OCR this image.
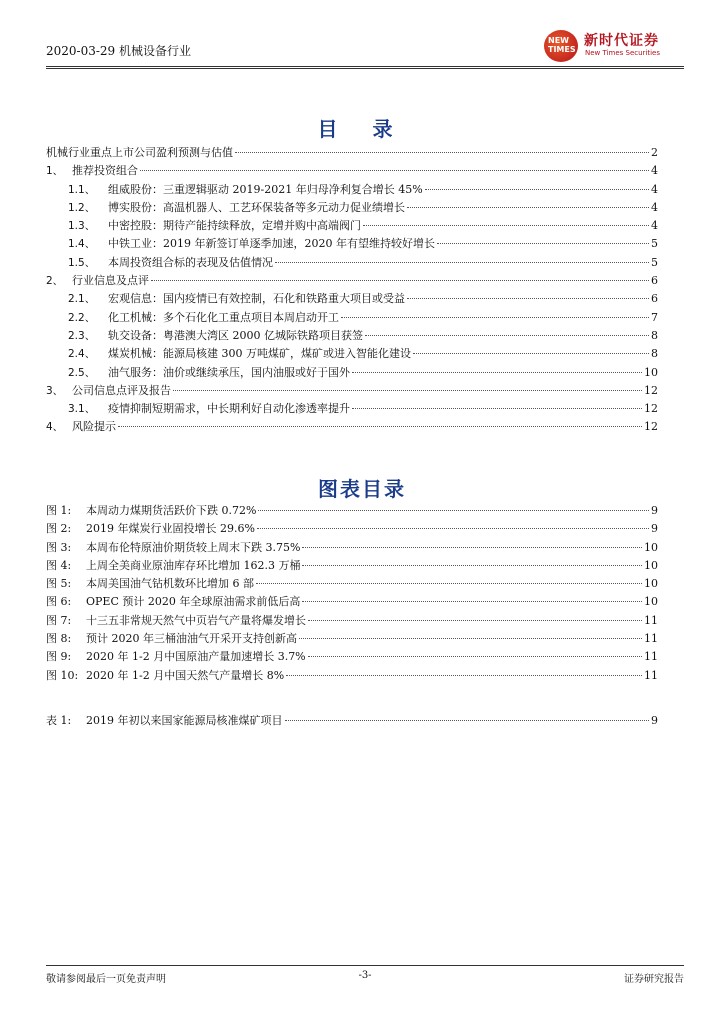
2020-03-29 机械设备行业
NEW
TIMES
新时代证券
New Times Securities
目 录
机械行业重点上市公司盈利预测与估值	2
1、 推荐投资组合	4
1.1、	组威股份：三重逻辑驱动 2019-2021 年归母净利复合增长 45%	4
1.2、	博实股份：高温机器人、工艺环保装备等多元动力促业绩增长	4
1.3、	中密控股：期待产能持续释放，定增并购中高端阀门	4
1.4、	中铁工业：2019 年新签订单逐季加速，2020 年有望维持较好增长	5
1.5、	本周投资组合标的表现及估值情况	5
2、 行业信息及点评	6
2.1、	宏观信息：国内疫情已有效控制，石化和铁路重大项目或受益	6
2.2、	化工机械：多个石化化工重点项目本周启动开工	7
2.3、	轨交设备：粤港澳大湾区 2000 亿城际铁路项目获签	8
2.4、	煤炭机械：能源局核建 300 万吨煤矿，煤矿或进入智能化建设	8
2.5、	油气服务：油价或继续承压，国内油服或好于国外	10
3、 公司信息点评及报告	12
3.1、	疫情抑制短期需求，中长期利好自动化渗透率提升	12
4、 风险提示	12
图表目录
图 1:	本周动力煤期货活跃价下跌 0.72%	9
图 2:	2019 年煤炭行业固投增长 29.6%	9
图 3:	本周布伦特原油价期货较上周末下跌 3.75%	10
图 4:	上周全美商业原油库存环比增加 162.3 万桶	10
图 5:	本周美国油气钻机数环比增加 6 部	10
图 6:	OPEC 预计 2020 年全球原油需求前低后高	10
图 7:	十三五非常规天然气中页岩气产量将爆发增长	11
图 8:	预计 2020 年三桶油油气开采开支持创新高	11
图 9:	2020 年 1-2 月中国原油产量加速增长 3.7%	11
图 10: 2020 年 1-2 月中国天然气产量增长 8%	11
表 1:	2019 年初以来国家能源局核准煤矿项目	9
敬请参阅最后一页免责声明	-3-	证券研究报告
